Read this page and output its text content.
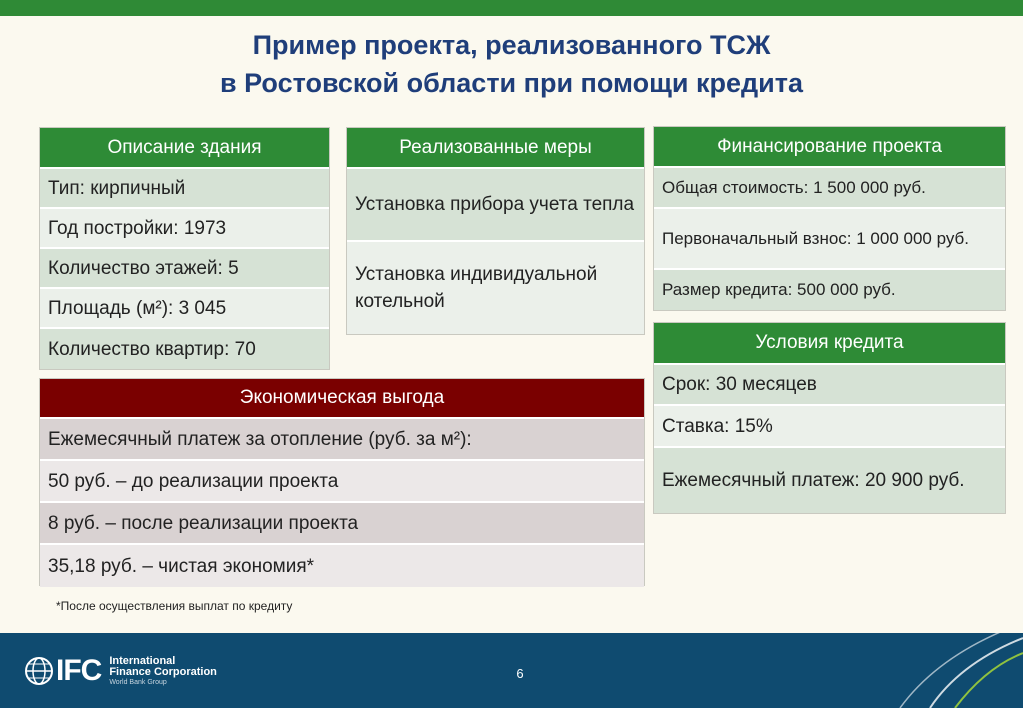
Пример проекта, реализованного ТСЖ
в Ростовской области при помощи кредита
Описание здания
Тип: кирпичный
Год постройки: 1973
Количество этажей: 5
Площадь (м²): 3 045
Количество квартир: 70
Реализованные меры
Установка прибора учета тепла
Установка индивидуальной котельной
Финансирование проекта
Общая стоимость: 1 500 000 руб.
Первоначальный взнос: 1 000 000 руб.
Размер кредита: 500 000 руб.
Условия кредита
Срок: 30 месяцев
Ставка: 15%
Ежемесячный платеж: 20 900 руб.
Экономическая выгода
Ежемесячный платеж за отопление (руб. за м²):
50 руб. – до реализации проекта
8 руб. – после реализации проекта
35,18 руб. – чистая экономия*
*После осуществления выплат по кредиту
IFC International
Finance Corporation
World Bank Group
6
